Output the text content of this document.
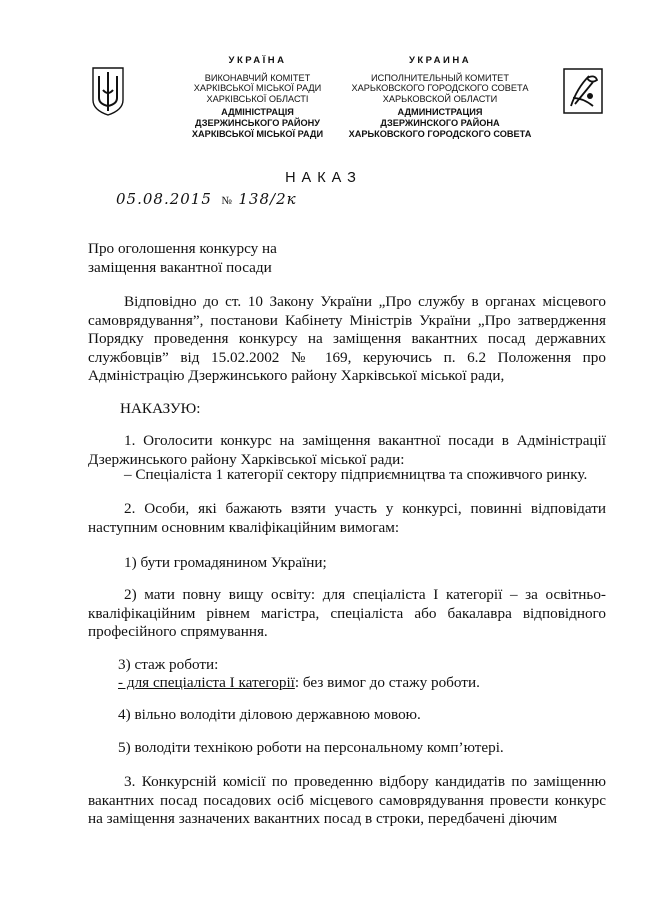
УКРАЇНА
ВИКОНАВЧИЙ КОМІТЕТ
ХАРКІВСЬКОЇ МІСЬКОЇ РАДИ
ХАРКІВСЬКОЇ ОБЛАСТІ
АДМІНІСТРАЦІЯ
ДЗЕРЖИНСЬКОГО РАЙОНУ
ХАРКІВСЬКОЇ МІСЬКОЇ РАДИ
УКРАИНА
ИСПОЛНИТЕЛЬНЫЙ КОМИТЕТ
ХАРЬКОВСКОГО ГОРОДСКОГО СОВЕТА
ХАРЬКОВСКОЙ ОБЛАСТИ
АДМИНИСТРАЦИЯ
ДЗЕРЖИНСКОГО РАЙОНА
ХАРЬКОВСКОГО ГОРОДСКОГО СОВЕТА
НАКАЗ
05.08.2015 № 138/2к
Про оголошення конкурсу на
заміщення вакантної посади
Відповідно до ст. 10 Закону України „Про службу в органах місцевого самоврядування”, постанови Кабінету Міністрів України „Про затвердження Порядку проведення конкурсу на заміщення вакантних посад державних службовців” від 15.02.2002 № 169, керуючись п. 6.2 Положення про Адміністрацію Дзержинського району Харківської міської ради,
НАКАЗУЮ:
1. Оголосити конкурс на заміщення вакантної посади в Адміністрації Дзержинського району Харківської міської ради:
– Спеціаліста 1 категорії сектору підприємництва та споживчого ринку.
2. Особи, які бажають взяти участь у конкурсі, повинні відповідати наступним основним кваліфікаційним вимогам:
1) бути громадянином України;
2) мати повну вищу освіту: для спеціаліста І категорії – за освітньо-кваліфікаційним рівнем магістра, спеціаліста або бакалавра відповідного професійного спрямування.
3) стаж роботи:
- для спеціаліста І категорії: без вимог до стажу роботи.
4) вільно володіти діловою державною мовою.
5) володіти технікою роботи на персональному комп’ютері.
3. Конкурсній комісії по проведенню відбору кандидатів по заміщенню вакантних посад посадових осіб місцевого самоврядування провести конкурс на заміщення зазначених вакантних посад в строки, передбачені діючим
